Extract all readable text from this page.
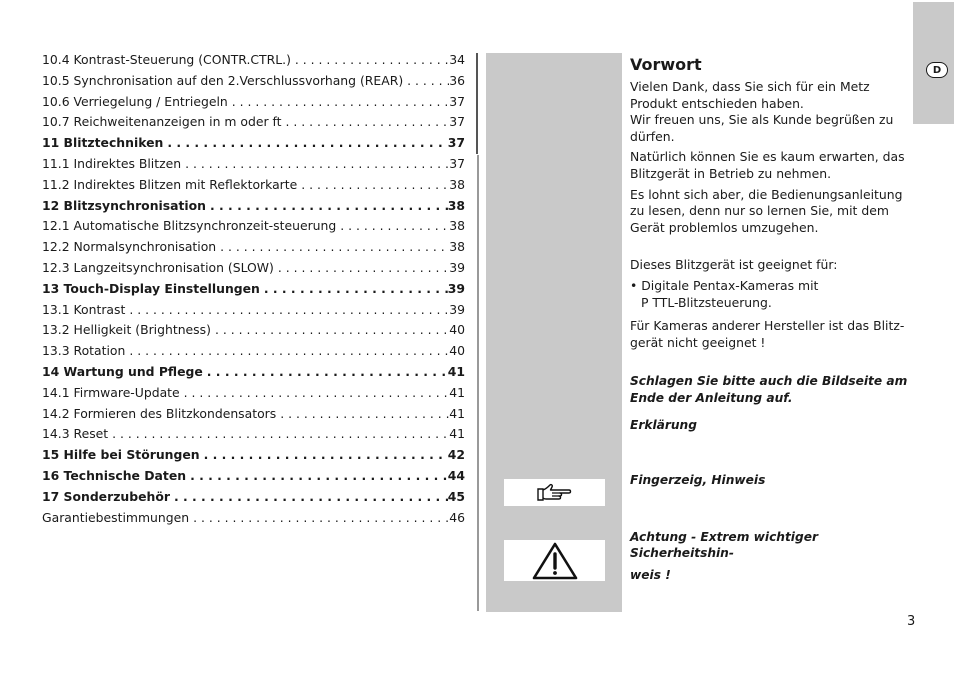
10.4 Kontrast-Steuerung (CONTR.CTRL.) . . .	34
10.5 Synchronisation auf den 2.Verschlussvorhang (REAR) . . .	36
10.6 Verriegelung / Entriegeln . . .	37
10.7 Reichweitenanzeigen in m oder ft . . .	37
11 Blitztechniken . . .	37
11.1 Indirektes Blitzen . . .	37
11.2 Indirektes Blitzen mit Reflektorkarte . . .	38
12 Blitzsynchronisation . . .	38
12.1 Automatische Blitzsynchronzeit-steuerung . . .	38
12.2 Normalsynchronisation . . .	38
12.3 Langzeitsynchronisation (SLOW) . . .	39
13 Touch-Display Einstellungen . . .	39
13.1 Kontrast . . .	39
13.2 Helligkeit (Brightness) . . .	40
13.3 Rotation . . .	40
14 Wartung und Pflege . . .	41
14.1 Firmware-Update . . .	41
14.2 Formieren des Blitzkondensators . . .	41
14.3 Reset . . .	41
15 Hilfe bei Störungen . . .	42
16 Technische Daten . . .	44
17 Sonderzubehör . . .	45
Garantiebestimmungen . . .	46
Vorwort
Vielen Dank, dass Sie sich für ein Metz Produkt entschieden haben.
Wir freuen uns, Sie als Kunde begrüßen zu dürfen.
Natürlich können Sie es kaum erwarten, das Blitzgerät in Betrieb zu nehmen.
Es lohnt sich aber, die Bedienungsanleitung zu lesen, denn nur so lernen Sie, mit dem Gerät problemlos umzugehen.
Dieses Blitzgerät ist geeignet für:
• Digitale Pentax-Kameras mit
P TTL-Blitzsteuerung.
Für Kameras anderer Hersteller ist das Blitz-gerät nicht geeignet !
Schlagen Sie bitte auch die Bildseite am Ende der Anleitung auf.
Erklärung
Fingerzeig, Hinweis
Achtung - Extrem wichtiger Sicherheitshin-
weis !
D
3
